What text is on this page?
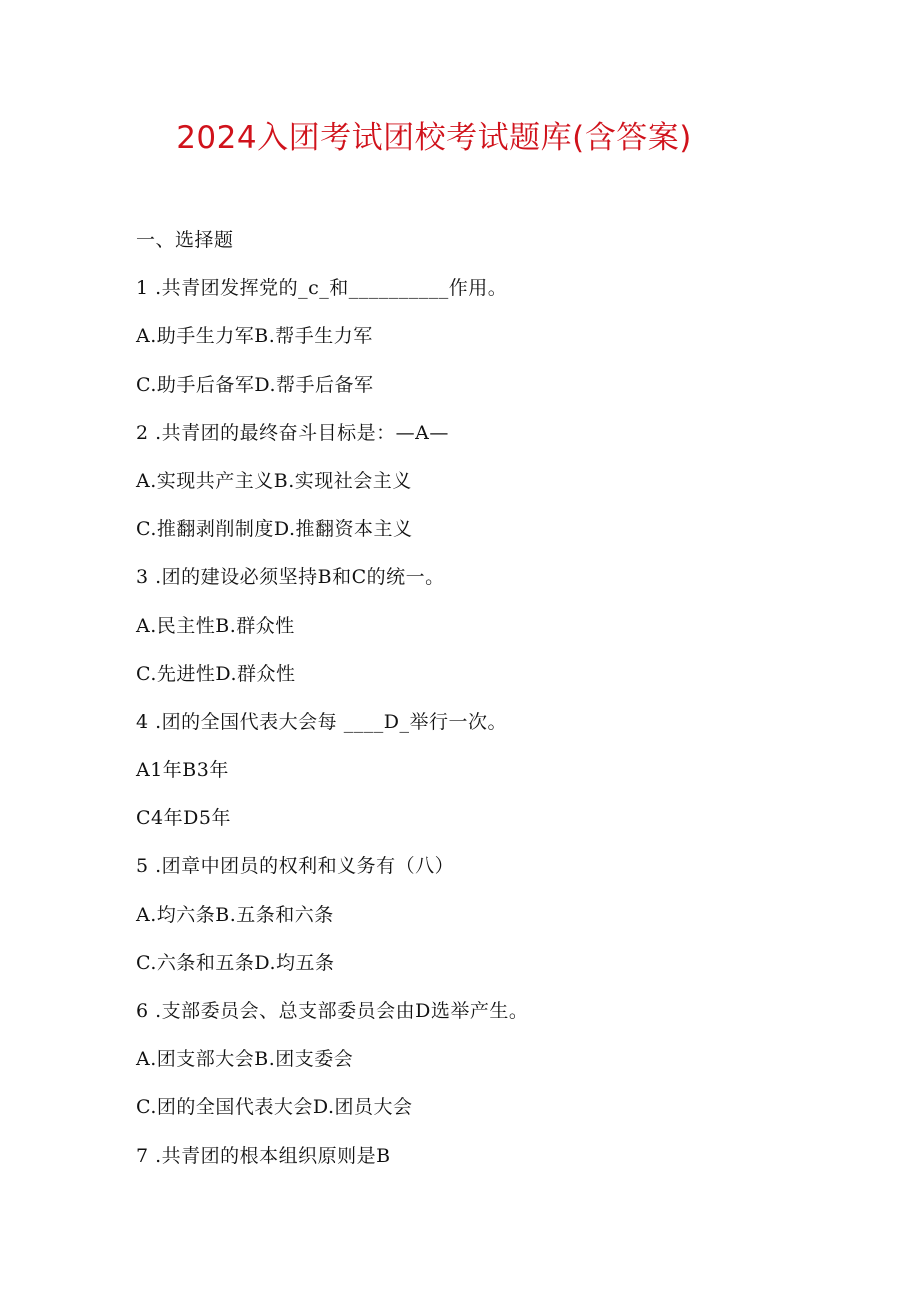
2024入团考试团校考试题库(含答案)
一、选择题
1 .共青团发挥党的_c_和__________作用。
A.助手生力军B.帮手生力军
C.助手后备军D.帮手后备军
2 .共青团的最终奋斗目标是：—A—
A.实现共产主义B.实现社会主义
C.推翻剥削制度D.推翻资本主义
3 .团的建设必须坚持B和C的统一。
A.民主性B.群众性
C.先进性D.群众性
4 .团的全国代表大会每 ____D_举行一次。
A1年B3年
C4年D5年
5 .团章中团员的权利和义务有（八）
A.均六条B.五条和六条
C.六条和五条D.均五条
6 .支部委员会、总支部委员会由D选举产生。
A.团支部大会B.团支委会
C.团的全国代表大会D.团员大会
7 .共青团的根本组织原则是B
